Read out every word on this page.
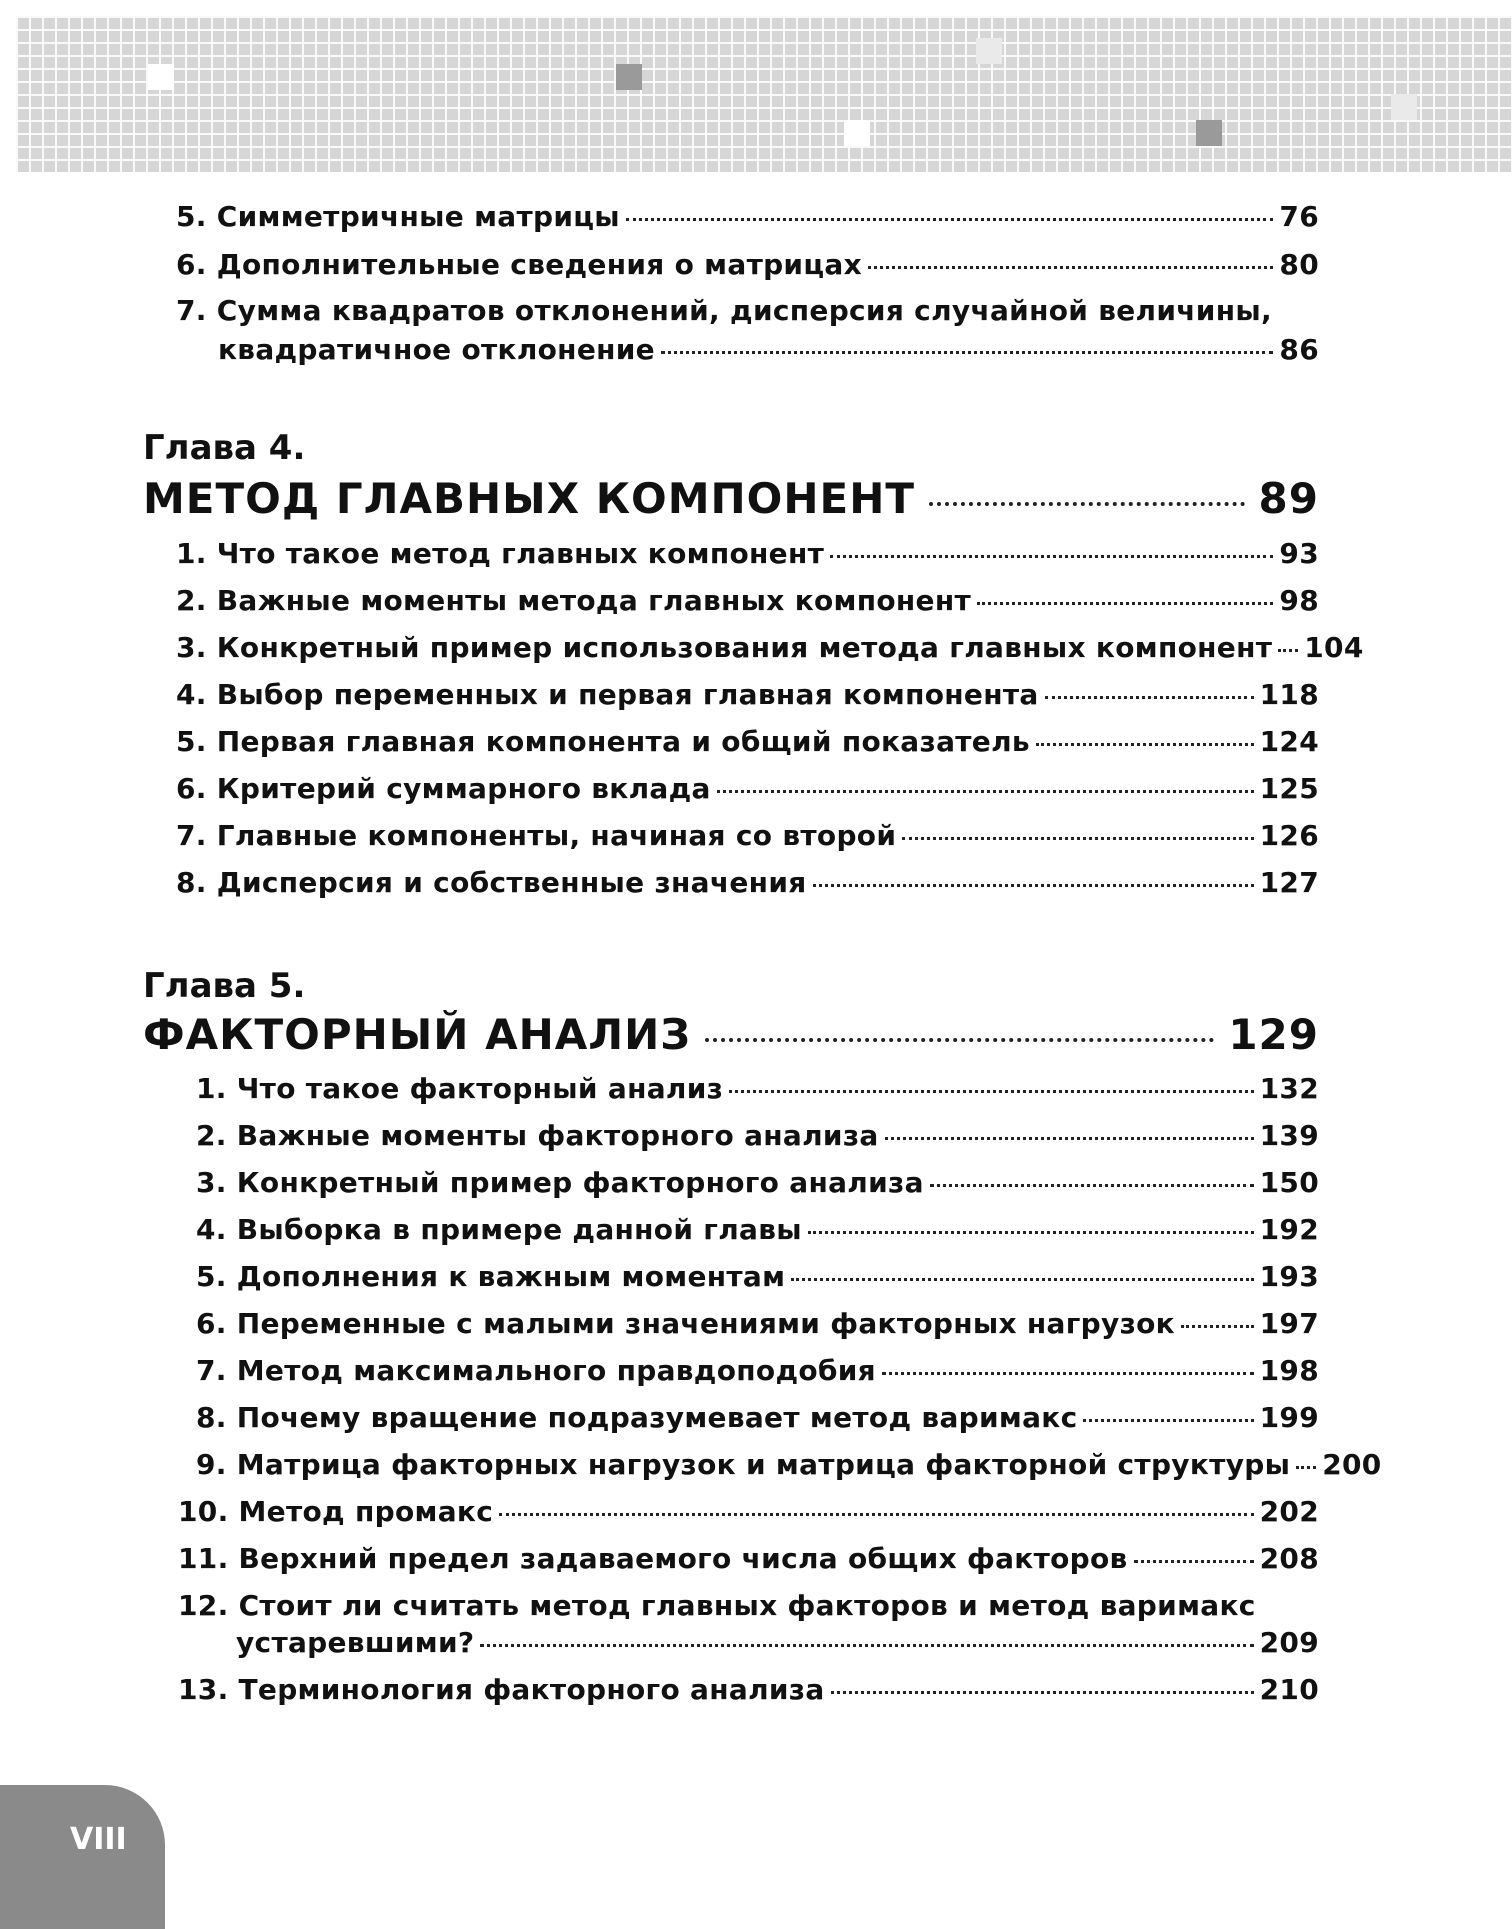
5. Симметричные матрицы	76
6. Дополнительные сведения о матрицах	80
7. Сумма квадратов отклонений, дисперсия случайной величины,
квадратичное отклонение	86
Глава 4.
МЕТОД ГЛАВНЫХ КОМПОНЕНТ	89
1. Что такое метод главных компонент	93
2. Важные моменты метода главных компонент	98
3. Конкретный пример использования метода главных компонент 104
4. Выбор переменных и первая главная компонента	118
5. Первая главная компонента и общий показатель	124
6. Критерий суммарного вклада	125
7. Главные компоненты, начиная со второй	126
8. Дисперсия и собственные значения	127
Глава 5.
ФАКТОРНЫЙ АНАЛИЗ	129
1. Что такое факторный анализ	132
2. Важные моменты факторного анализа	139
3. Конкретный пример факторного анализа	150
4. Выборка в примере данной главы	192
5. Дополнения к важным моментам	193
6. Переменные с малыми значениями факторных нагрузок	197
7. Метод максимального правдоподобия	198
8. Почему вращение подразумевает метод варимакс	199
9. Матрица факторных нагрузок и матрица факторной структуры 200
10. Метод промакс	202
11. Верхний предел задаваемого числа общих факторов	208
12. Стоит ли считать метод главных факторов и метод варимакс
устаревшими?	209
13. Терминология факторного анализа	210
VIII
